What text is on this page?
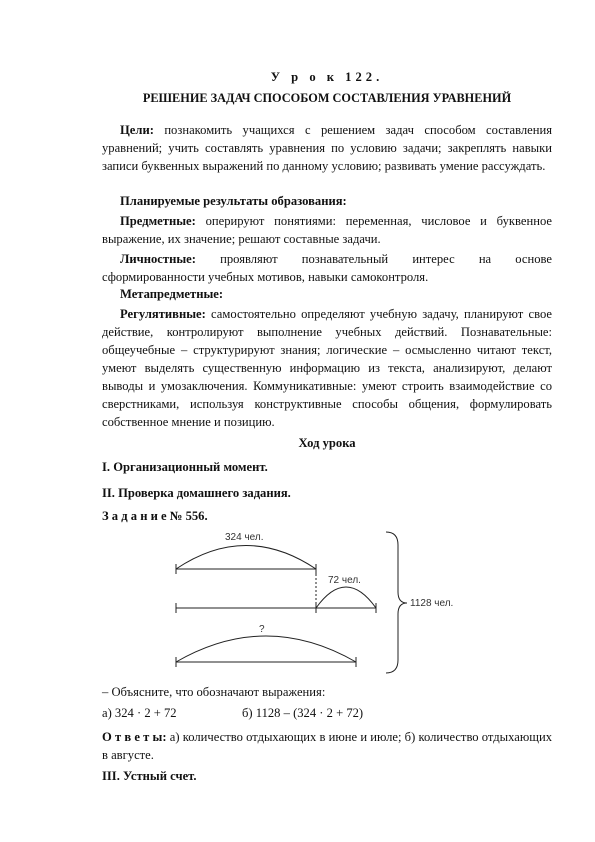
У р о к 122.
РЕШЕНИЕ ЗАДАЧ СПОСОБОМ СОСТАВЛЕНИЯ УРАВНЕНИЙ
Цели: познакомить учащихся с решением задач способом составления уравнений; учить составлять уравнения по условию задачи; закреплять навыки записи буквенных выражений по данному условию; развивать умение рассуждать.
Планируемые результаты образования:
Предметные: оперируют понятиями: переменная, числовое и буквенное выражение, их значение; решают составные задачи.
Личностные: проявляют познавательный интерес на основе сформированности учебных мотивов, навыки самоконтроля.
Метапредметные:
Регулятивные: самостоятельно определяют учебную задачу, планируют свое действие, контролируют выполнение учебных действий. Познавательные: общеучебные – структурируют знания; логические – осмысленно читают текст, умеют выделять существенную информацию из текста, анализируют, делают выводы и умозаключения. Коммуникативные: умеют строить взаимодействие со сверстниками, используя конструктивные способы общения, формулировать собственное мнение и позицию.
Ход урока
I. Организационный момент.
II. Проверка домашнего задания.
З а д а н и е № 556.
324 чел.
72 чел.
1128 чел.
?
– Объясните, что обозначают выражения:
а) 324 · 2 + 72	б) 1128 – (324 · 2 + 72)
О т в е т ы: а) количество отдыхающих в июне и июле; б) количество отдыхающих в августе.
III. Устный счет.
